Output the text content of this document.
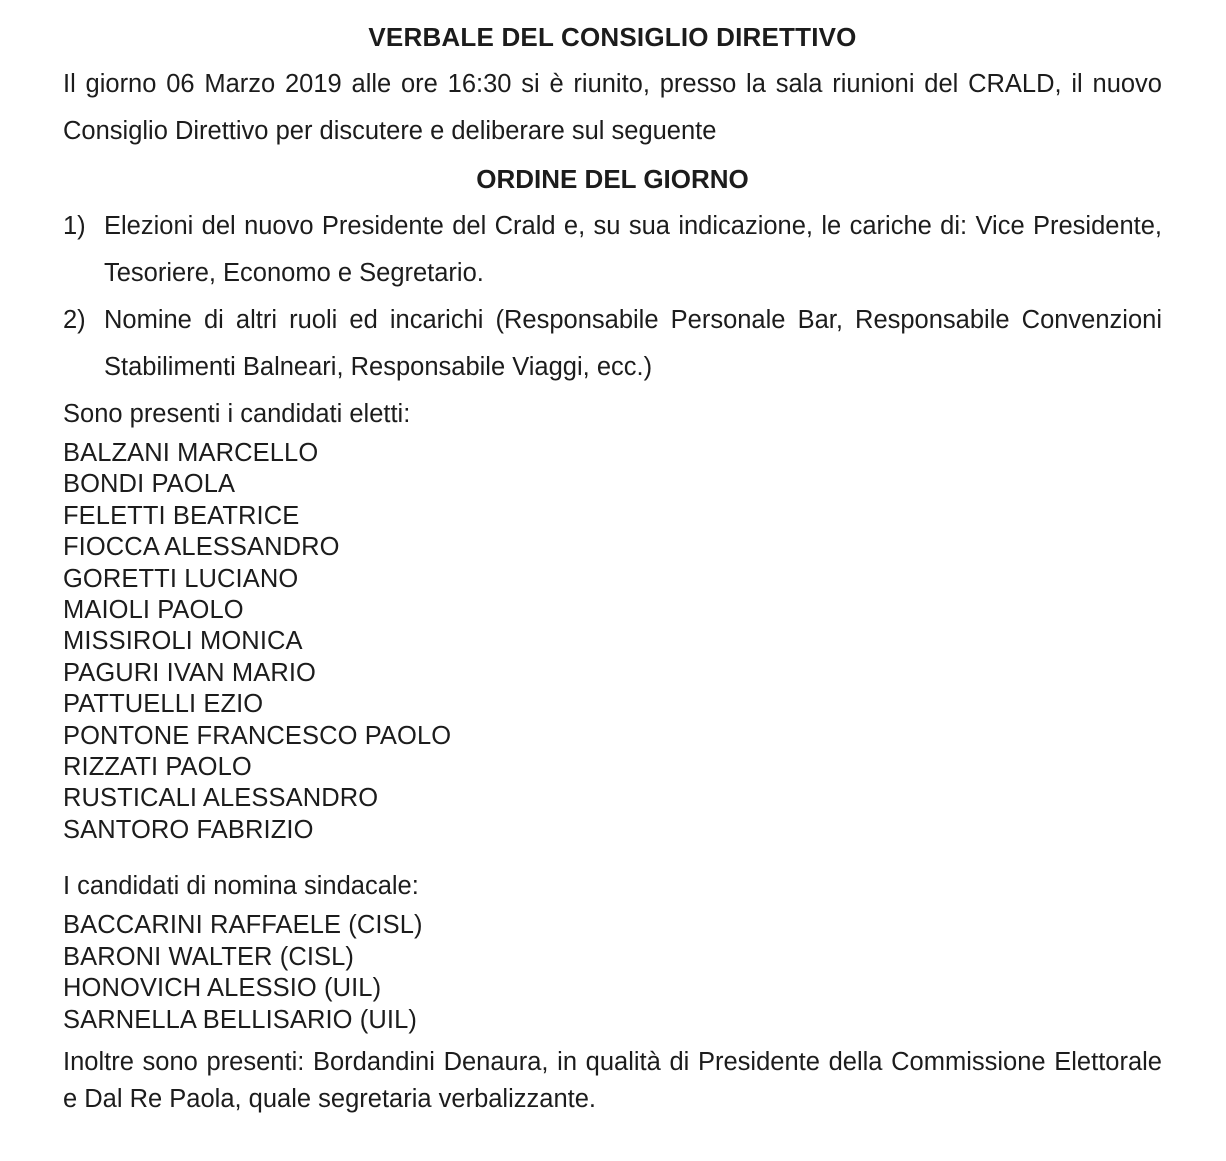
VERBALE DEL CONSIGLIO DIRETTIVO

Il giorno 06 Marzo 2019 alle ore 16:30 si è riunito, presso la sala riunioni del CRALD, il nuovo Consiglio Direttivo per discutere e deliberare sul seguente

ORDINE DEL GIORNO
1) Elezioni del nuovo Presidente del Crald e, su sua indicazione, le cariche di: Vice Presidente, Tesoriere, Economo e Segretario.
2) Nomine di altri ruoli ed incarichi (Responsabile Personale Bar, Responsabile Convenzioni Stabilimenti Balneari, Responsabile Viaggi, ecc.)

Sono presenti i candidati eletti:

BALZANI MARCELLO
BONDI PAOLA
FELETTI BEATRICE
FIOCCA ALESSANDRO
GORETTI LUCIANO
MAIOLI PAOLO
MISSIROLI MONICA
PAGURI IVAN MARIO
PATTUELLI EZIO
PONTONE FRANCESCO PAOLO
RIZZATI PAOLO
RUSTICALI ALESSANDRO
SANTORO FABRIZIO

I candidati di nomina sindacale:

BACCARINI RAFFAELE (CISL)
BARONI WALTER (CISL)
HONOVICH ALESSIO (UIL)
SARNELLA BELLISARIO (UIL)

Inoltre sono presenti: Bordandini Denaura, in qualità di Presidente della Commissione Elettorale e Dal Re Paola, quale segretaria verbalizzante.
